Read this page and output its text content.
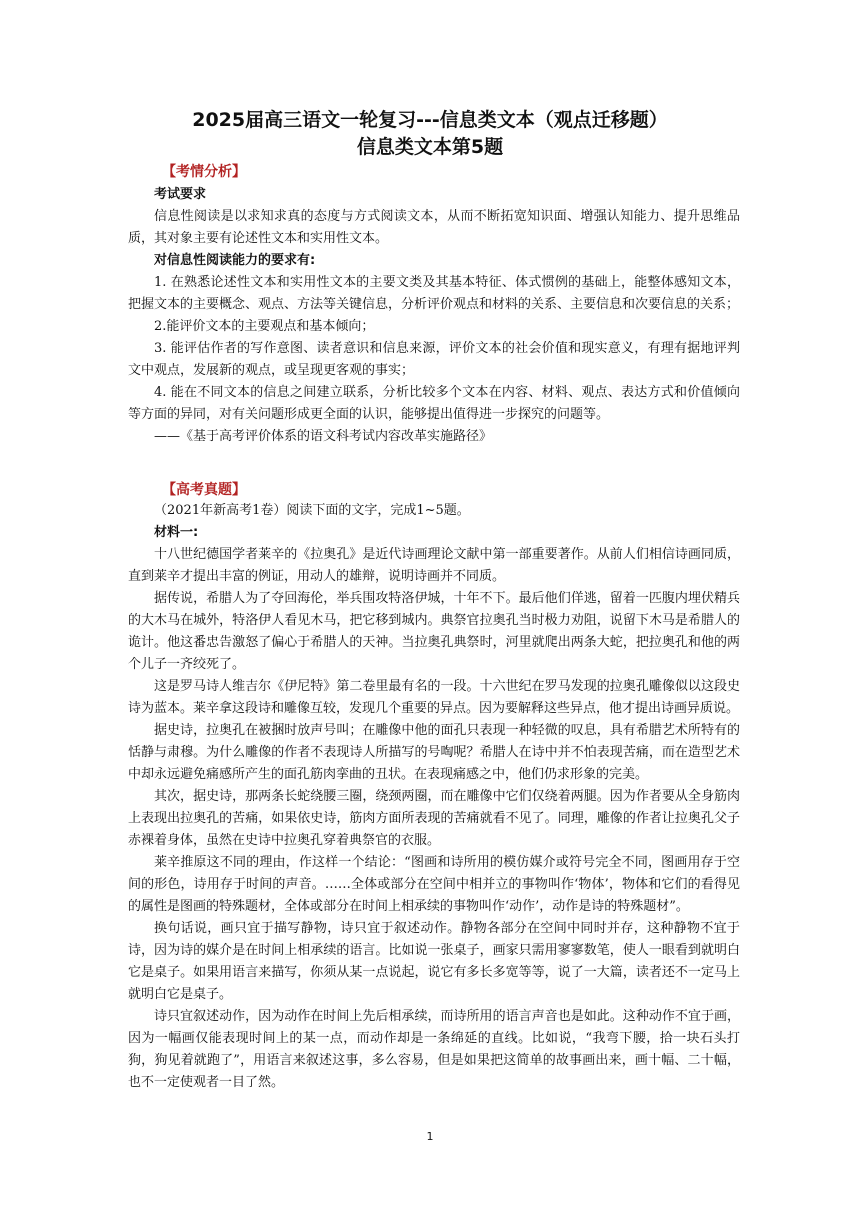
2025届高三语文一轮复习---信息类文本（观点迁移题）
信息类文本第5题
【考情分析】

考试要求

信息性阅读是以求知求真的态度与方式阅读文本，从而不断拓宽知识面、增强认知能力、提升思维品质，其对象主要有论述性文本和实用性文本。

对信息性阅读能力的要求有:

1. 在熟悉论述性文本和实用性文本的主要文类及其基本特征、体式惯例的基础上，能整体感知文本，把握文本的主要概念、观点、方法等关键信息，分析评价观点和材料的关系、主要信息和次要信息的关系；

2.能评价文本的主要观点和基本倾向；

3. 能评估作者的写作意图、读者意识和信息来源，评价文本的社会价值和现实意义，有理有据地评判文中观点，发展新的观点，或呈现更客观的事实；

4. 能在不同文本的信息之间建立联系，分析比较多个文本在内容、材料、观点、表达方式和价值倾向等方面的异同，对有关问题形成更全面的认识，能够提出值得进一步探究的问题等。

——《基于高考评价体系的语文科考试内容改革实施路径》

【高考真题】

（2021年新高考1卷）阅读下面的文字，完成1~5题。

材料一:

十八世纪德国学者莱辛的《拉奥孔》是近代诗画理论文献中第一部重要著作。从前人们相信诗画同质，直到莱辛才提出丰富的例证，用动人的雄辩，说明诗画并不同质。

据传说，希腊人为了夺回海伦，举兵围攻特洛伊城，十年不下。最后他们佯逃，留着一匹腹内埋伏精兵的大木马在城外，特洛伊人看见木马，把它移到城内。典祭官拉奥孔当时极力劝阻，说留下木马是希腊人的诡计。他这番忠告激怒了偏心于希腊人的天神。当拉奥孔典祭时，河里就爬出两条大蛇，把拉奥孔和他的两个儿子一齐绞死了。

这是罗马诗人维吉尔《伊尼特》第二卷里最有名的一段。十六世纪在罗马发现的拉奥孔雕像似以这段史诗为蓝本。莱辛拿这段诗和雕像互较，发现几个重要的异点。因为要解释这些异点，他才提出诗画异质说。

据史诗，拉奥孔在被捆时放声号叫；在雕像中他的面孔只表现一种轻微的叹息，具有希腊艺术所特有的恬静与肃穆。为什么雕像的作者不表现诗人所描写的号啕呢？希腊人在诗中并不怕表现苦痛，而在造型艺术中却永远避免痛感所产生的面孔筋肉挛曲的丑状。在表现痛感之中，他们仍求形象的完美。

其次，据史诗，那两条长蛇绕腰三圈，绕颈两圈，而在雕像中它们仅绕着两腿。因为作者要从全身筋肉上表现出拉奥孔的苦痛，如果依史诗，筋肉方面所表现的苦痛就看不见了。同理，雕像的作者让拉奥孔父子赤裸着身体，虽然在史诗中拉奥孔穿着典祭官的衣服。

莱辛推原这不同的理由，作这样一个结论：“图画和诗所用的模仿媒介或符号完全不同，图画用存于空间的形色，诗用存于时间的声音。……全体或部分在空间中相并立的事物叫作‘物体’，物体和它们的看得见的属性是图画的特殊题材，全体或部分在时间上相承续的事物叫作‘动作’，动作是诗的特殊题材”。

换句话说，画只宜于描写静物，诗只宜于叙述动作。静物各部分在空间中同时并存，这种静物不宜于诗，因为诗的媒介是在时间上相承续的语言。比如说一张桌子，画家只需用寥寥数笔，使人一眼看到就明白它是桌子。如果用语言来描写，你须从某一点说起，说它有多长多宽等等，说了一大篇，读者还不一定马上就明白它是桌子。

诗只宜叙述动作，因为动作在时间上先后相承续，而诗所用的语言声音也是如此。这种动作不宜于画，因为一幅画仅能表现时间上的某一点，而动作却是一条绵延的直线。比如说，“我弯下腰，拾一块石头打狗，狗见着就跑了”，用语言来叙述这事，多么容易，但是如果把这简单的故事画出来，画十幅、二十幅，也不一定使观者一目了然。

1
